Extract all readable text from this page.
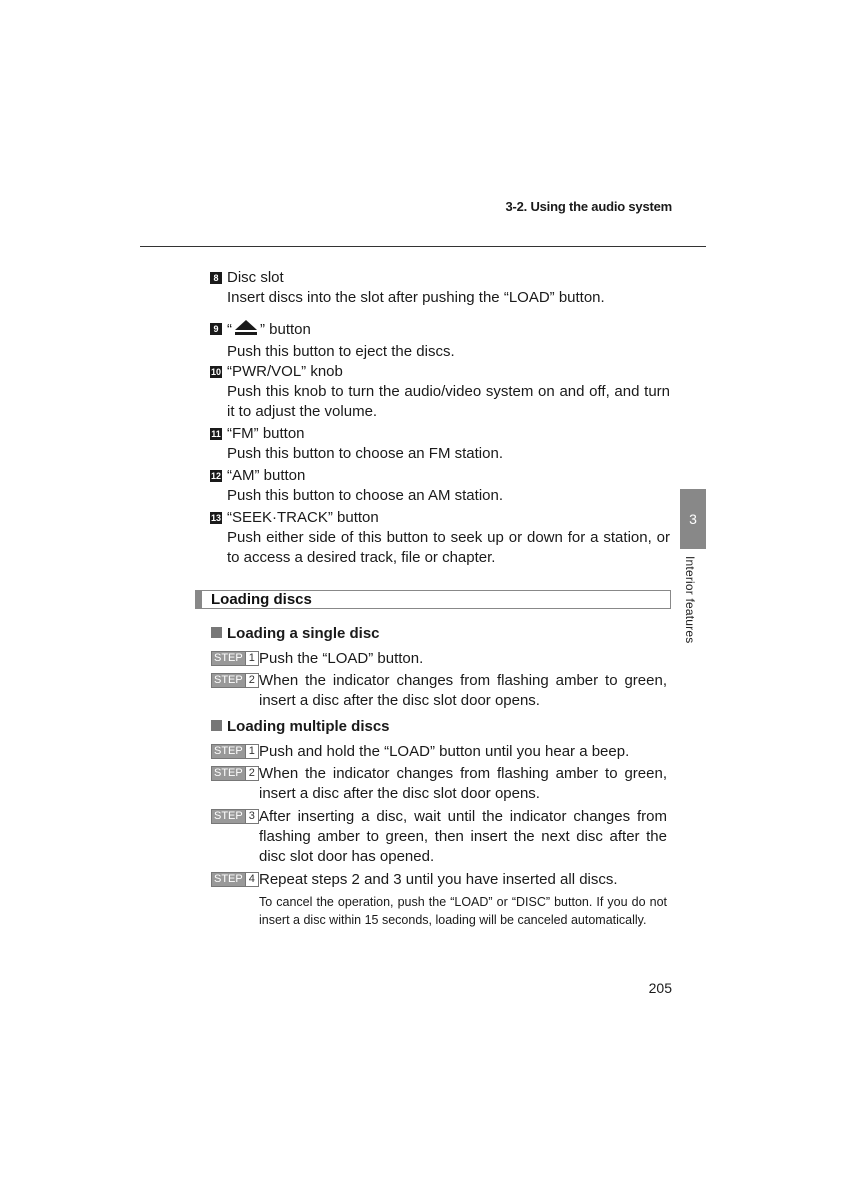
3-2. Using the audio system
8 Disc slot
Insert discs into the slot after pushing the “LOAD” button.
9 “ ” button
Push this button to eject the discs.
10 “PWR/VOL” knob
Push this knob to turn the audio/video system on and off, and turn it to adjust the volume.
11 “FM” button
Push this button to choose an FM station.
12 “AM” button
Push this button to choose an AM station.
13 “SEEK·TRACK” button
Push either side of this button to seek up or down for a station, or to access a desired track, file or chapter.
Loading discs
Loading a single disc
STEP 1 Push the “LOAD” button.
STEP 2 When the indicator changes from flashing amber to green, insert a disc after the disc slot door opens.
Loading multiple discs
STEP 1 Push and hold the “LOAD” button until you hear a beep.
STEP 2 When the indicator changes from flashing amber to green, insert a disc after the disc slot door opens.
STEP 3 After inserting a disc, wait until the indicator changes from flashing amber to green, then insert the next disc after the disc slot door has opened.
STEP 4 Repeat steps 2 and 3 until you have inserted all discs.
To cancel the operation, push the “LOAD” or “DISC” button. If you do not insert a disc within 15 seconds, loading will be canceled automatically.
205
3
Interior features
